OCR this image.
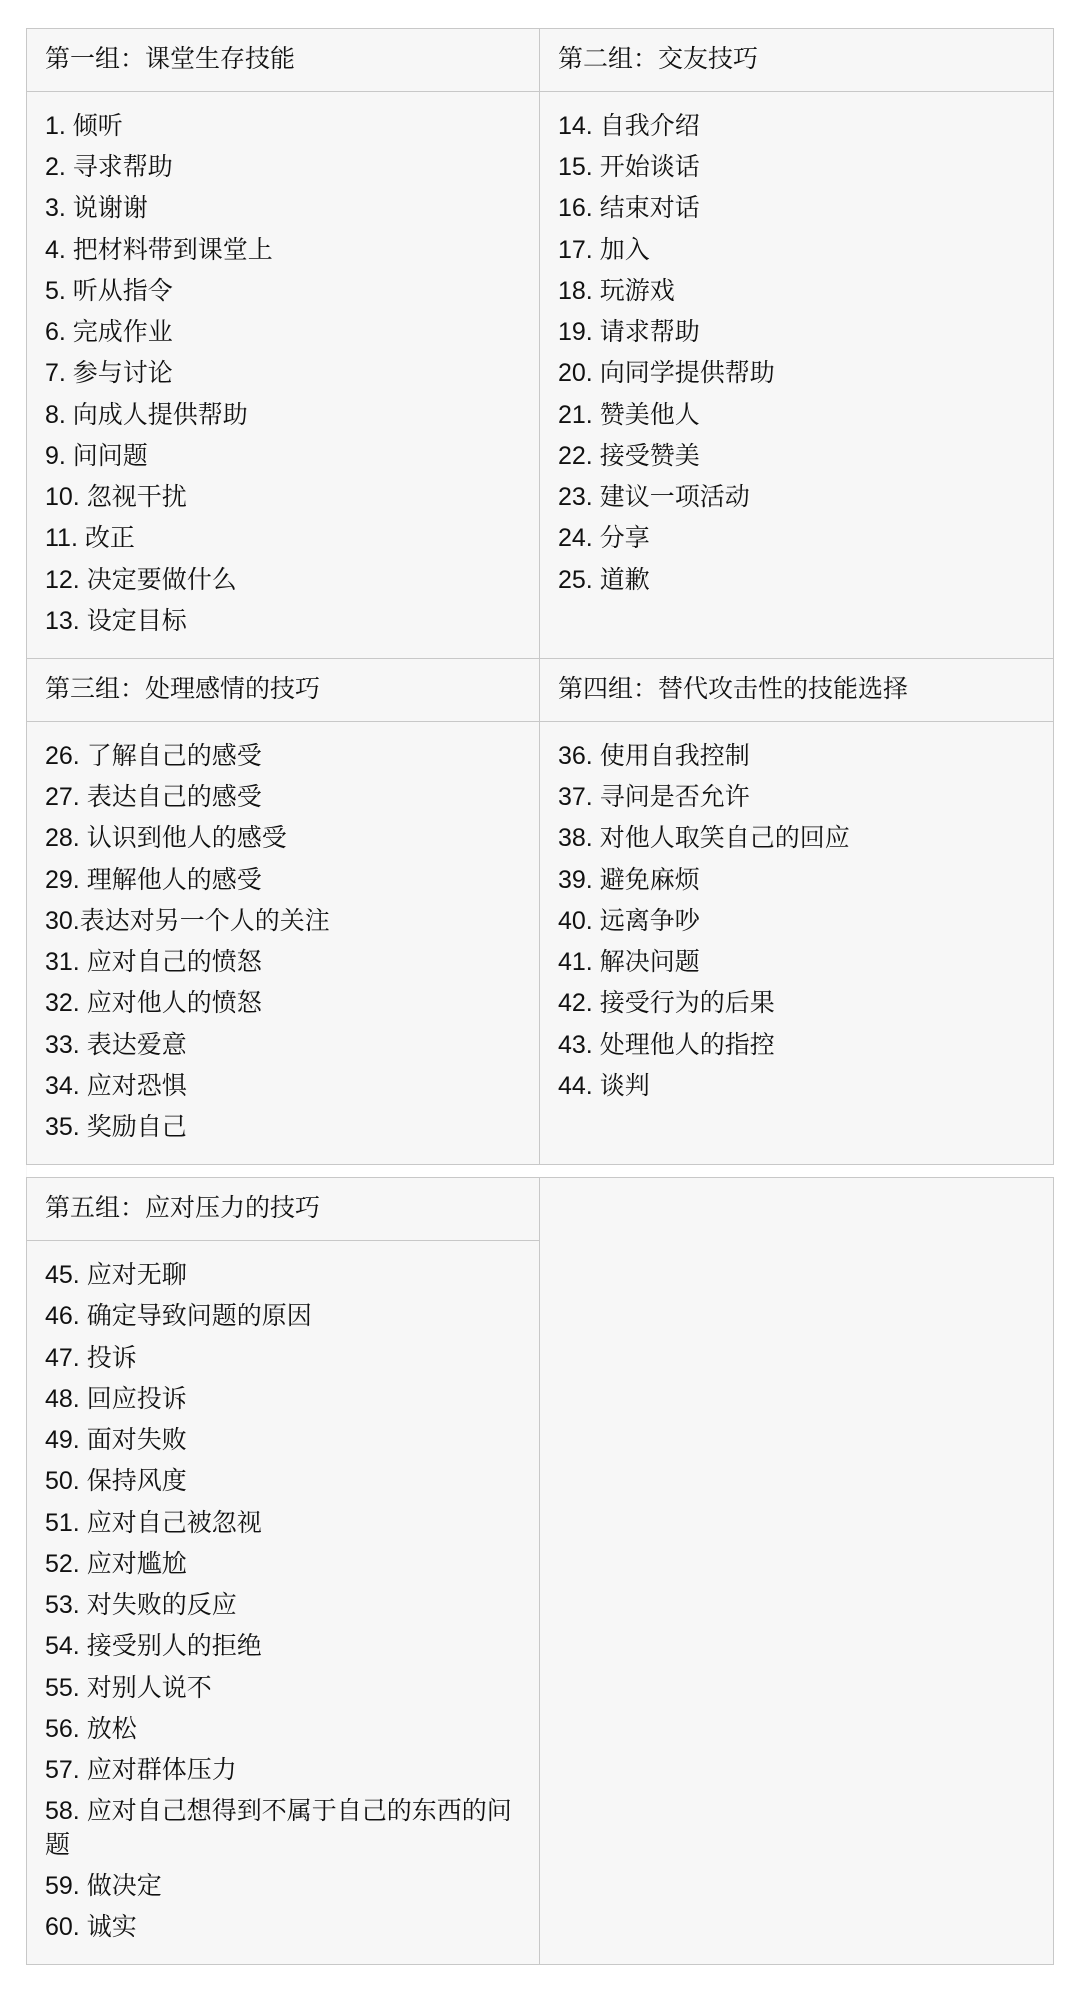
第一组：课堂生存技能	第二组：交友技巧

1. 倾听
2. 寻求帮助
3. 说谢谢
4. 把材料带到课堂上
5. 听从指令
6. 完成作业
7. 参与讨论
8. 向成人提供帮助
9. 问问题
10. 忽视干扰
11. 改正
12. 决定要做什么
13. 设定目标

14. 自我介绍
15. 开始谈话
16. 结束对话
17. 加入
18. 玩游戏
19. 请求帮助
20. 向同学提供帮助
21. 赞美他人
22. 接受赞美
23. 建议一项活动
24. 分享
25. 道歉

第三组：处理感情的技巧	第四组：替代攻击性的技能选择

26. 了解自己的感受
27. 表达自己的感受
28. 认识到他人的感受
29. 理解他人的感受
30.表达对另一个人的关注
31. 应对自己的愤怒
32. 应对他人的愤怒
33. 表达爱意
34. 应对恐惧
35. 奖励自己

36. 使用自我控制
37. 寻问是否允许
38. 对他人取笑自己的回应
39. 避免麻烦
40. 远离争吵
41. 解决问题
42. 接受行为的后果
43. 处理他人的指控
44. 谈判

第五组：应对压力的技巧	

45. 应对无聊
46. 确定导致问题的原因
47. 投诉
48. 回应投诉
49. 面对失败
50. 保持风度
51. 应对自己被忽视
52. 应对尴尬
53. 对失败的反应
54. 接受别人的拒绝
55. 对别人说不
56. 放松
57. 应对群体压力
58. 应对自己想得到不属于自己的东西的问题
59. 做决定
60. 诚实
